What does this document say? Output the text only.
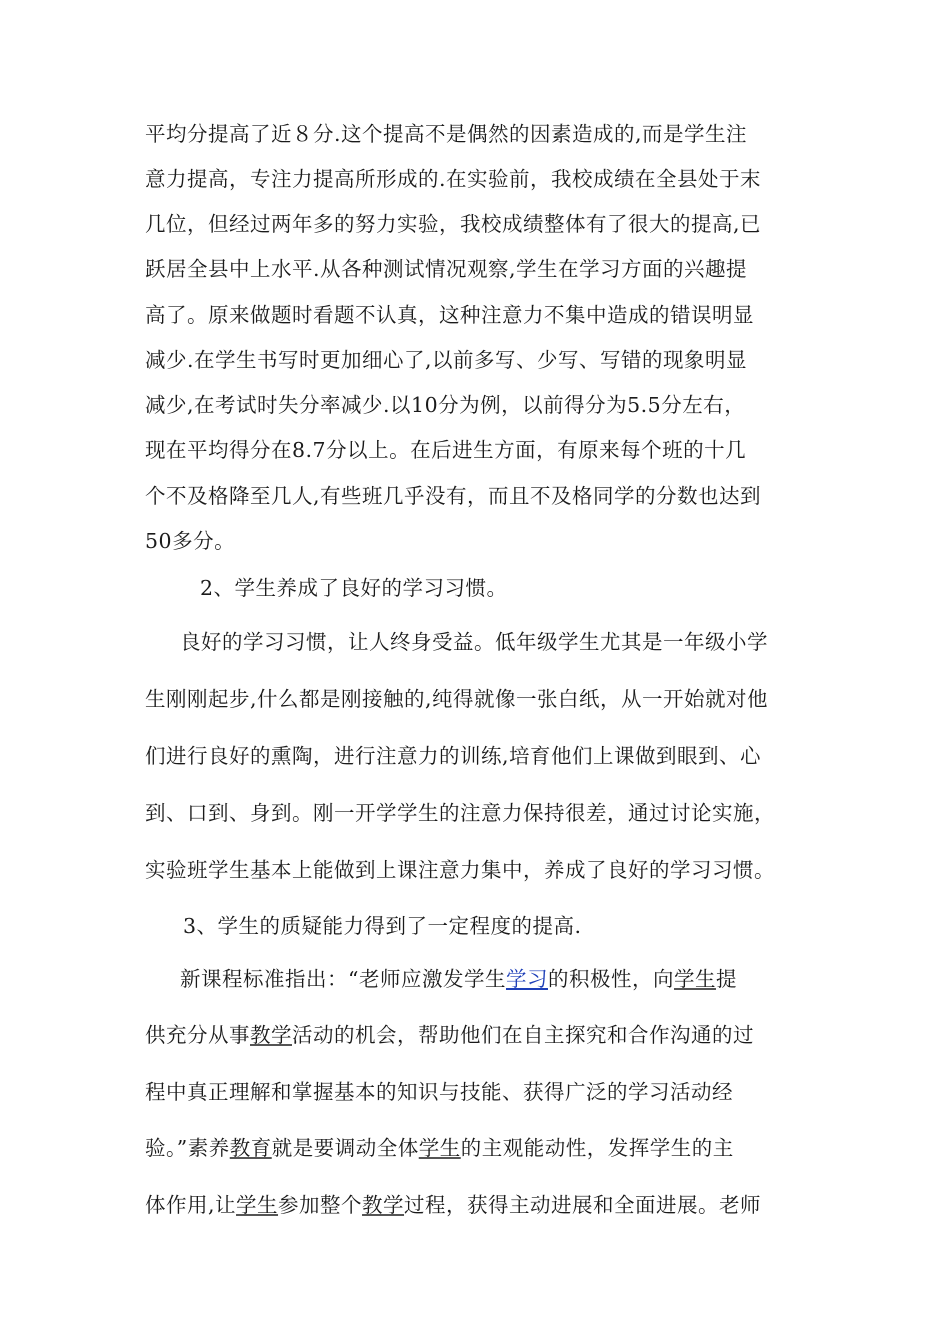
平均分提高了近８分.这个提高不是偶然的因素造成的,而是学生注
意力提高，专注力提高所形成的.在实验前，我校成绩在全县处于末
几位，但经过两年多的努力实验，我校成绩整体有了很大的提高,已
跃居全县中上水平.从各种测试情况观察,学生在学习方面的兴趣提
高了。原来做题时看题不认真，这种注意力不集中造成的错误明显
减少.在学生书写时更加细心了,以前多写、少写、写错的现象明显
减少,在考试时失分率减少.以10分为例，以前得分为5.5分左右，
现在平均得分在8.7分以上。在后进生方面，有原来每个班的十几
个不及格降至几人,有些班几乎没有，而且不及格同学的分数也达到
50多分。
2、学生养成了良好的学习习惯。
良好的学习习惯，让人终身受益。低年级学生尤其是一年级小学
生刚刚起步,什么都是刚接触的,纯得就像一张白纸，从一开始就对他
们进行良好的熏陶，进行注意力的训练,培育他们上课做到眼到、心
到、口到、身到。刚一开学学生的注意力保持很差，通过讨论实施，
实验班学生基本上能做到上课注意力集中，养成了良好的学习习惯。
3、学生的质疑能力得到了一定程度的提高.
新课程标准指出：“老师应激发学生学习的积极性，向学生提
供充分从事教学活动的机会，帮助他们在自主探究和合作沟通的过
程中真正理解和掌握基本的知识与技能、获得广泛的学习活动经
验。”素养教育就是要调动全体学生的主观能动性，发挥学生的主
体作用,让学生参加整个教学过程，获得主动进展和全面进展。老师
